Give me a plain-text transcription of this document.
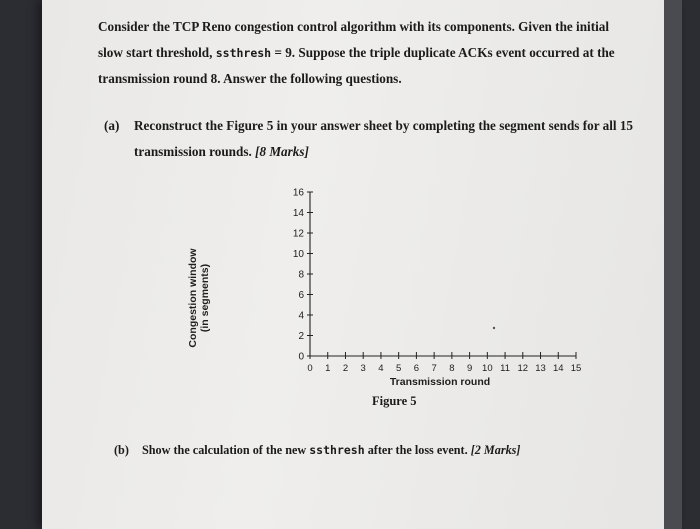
Consider the TCP Reno congestion control algorithm with its components. Given the initial
slow start threshold, ssthresh = 9. Suppose the triple duplicate ACKs event occurred at the
transmission round 8. Answer the following questions.
(a) Reconstruct the Figure 5 in your answer sheet by completing the segment sends for all 15
transmission rounds. [8 Marks]
Congestion window (in segments)
Transmission round
0
2
4
6
8
10
12
14
16
0 1 2 3 4 5 6 7 8 9 10 11 12 13 14 15
Figure 5
(b) Show the calculation of the new ssthresh after the loss event. [2 Marks]
